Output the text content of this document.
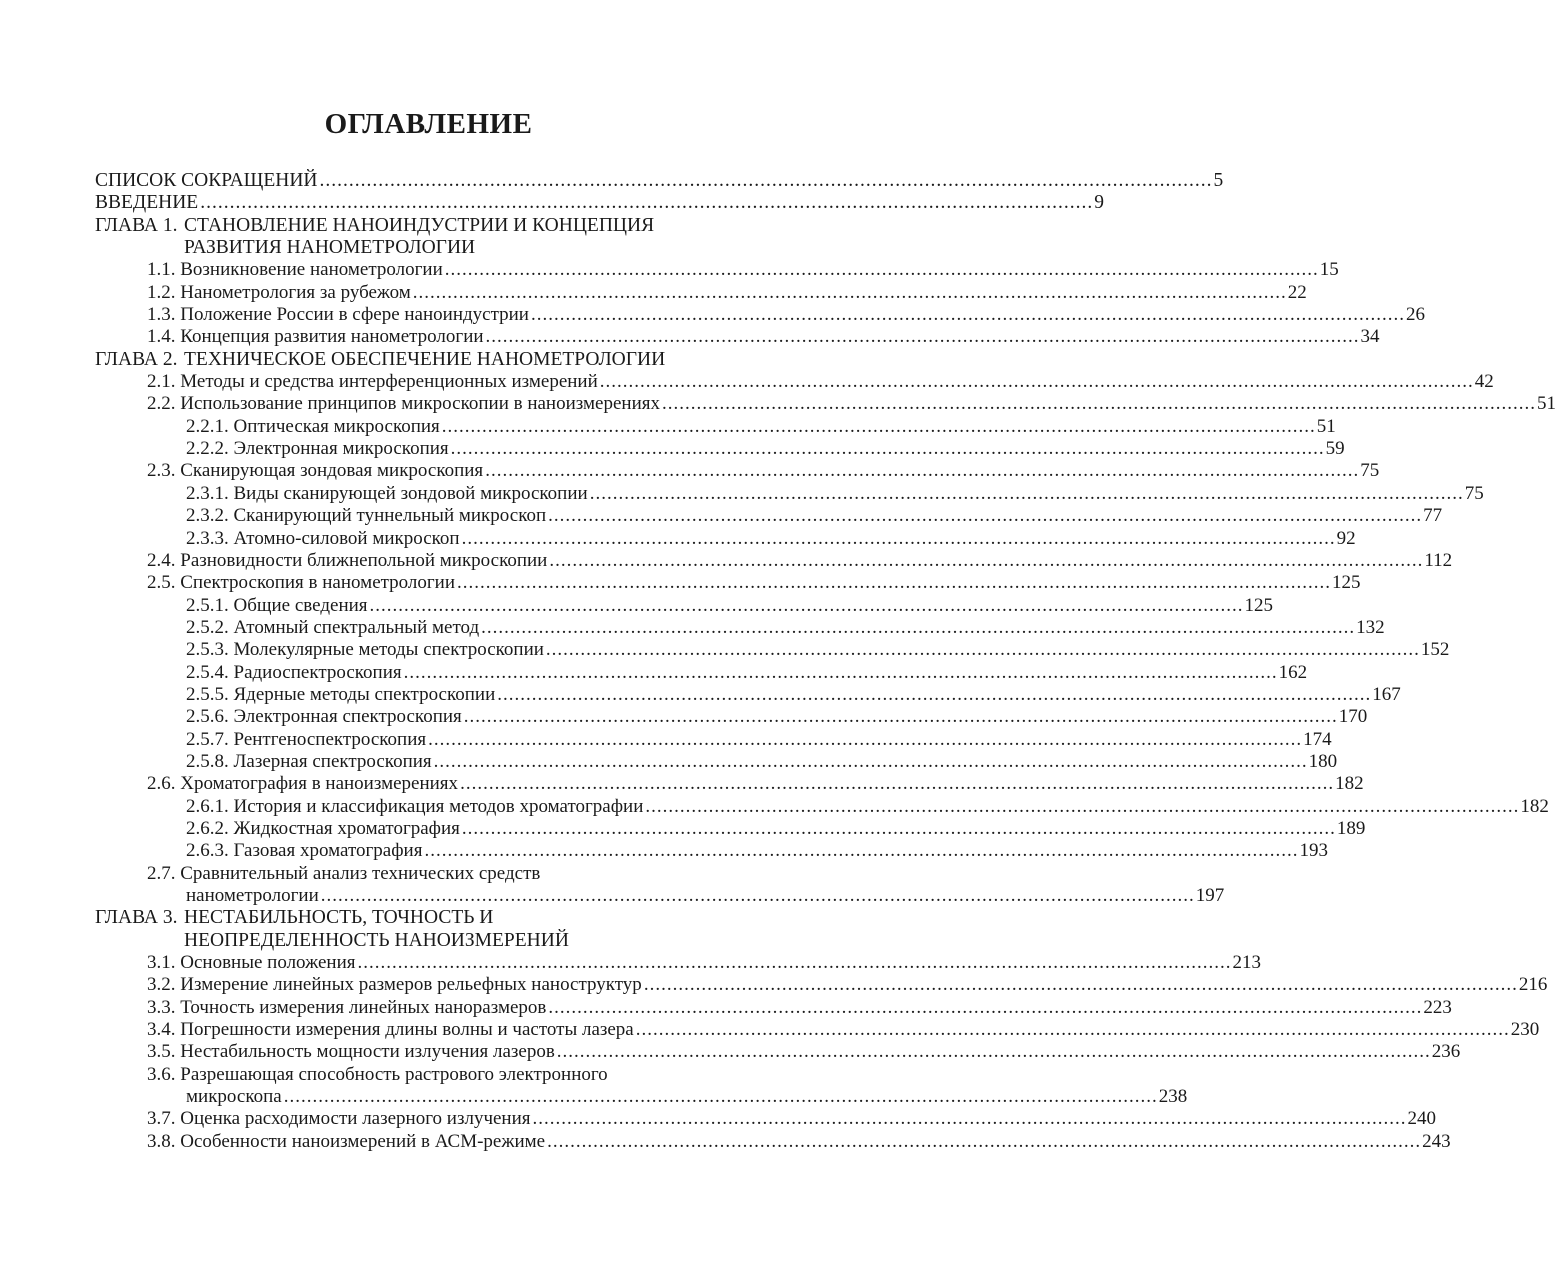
ОГЛАВЛЕНИЕ
СПИСОК СОКРАЩЕНИЙ ........................................................................................................................................................ 5
ВВЕДЕНИЕ ........................................................................................................................................................ 9
ГЛАВА 1. СТАНОВЛЕНИЕ НАНОИНДУСТРИИ И КОНЦЕПЦИЯ
РАЗВИТИЯ НАНОМЕТРОЛОГИИ
1.1. Возникновение нанометрологии ........................................................................................................................................................ 15
1.2. Нанометрология за рубежом ........................................................................................................................................................ 22
1.3. Положение России в сфере наноиндустрии ........................................................................................................................................................ 26
1.4. Концепция развития нанометрологии ........................................................................................................................................................ 34
ГЛАВА 2. ТЕХНИЧЕСКОЕ ОБЕСПЕЧЕНИЕ НАНОМЕТРОЛОГИИ
2.1. Методы и средства интерференционных измерений ........................................................................................................................................................ 42
2.2. Использование принципов микроскопии в наноизмерениях ........................................................................................................................................................ 51
2.2.1. Оптическая микроскопия ........................................................................................................................................................ 51
2.2.2. Электронная микроскопия ........................................................................................................................................................ 59
2.3. Сканирующая зондовая микроскопия ........................................................................................................................................................ 75
2.3.1. Виды сканирующей зондовой микроскопии ........................................................................................................................................................ 75
2.3.2. Сканирующий туннельный микроскоп ........................................................................................................................................................ 77
2.3.3. Атомно-силовой микроскоп ........................................................................................................................................................ 92
2.4. Разновидности ближнепольной микроскопии ........................................................................................................................................................ 112
2.5. Спектроскопия в нанометрологии ........................................................................................................................................................ 125
2.5.1. Общие сведения ........................................................................................................................................................ 125
2.5.2. Атомный спектральный метод ........................................................................................................................................................ 132
2.5.3. Молекулярные методы спектроскопии ........................................................................................................................................................ 152
2.5.4. Радиоспектроскопия ........................................................................................................................................................ 162
2.5.5. Ядерные методы спектроскопии ........................................................................................................................................................ 167
2.5.6. Электронная спектроскопия ........................................................................................................................................................ 170
2.5.7. Рентгеноспектроскопия ........................................................................................................................................................ 174
2.5.8. Лазерная спектроскопия ........................................................................................................................................................ 180
2.6. Хроматография в наноизмерениях ........................................................................................................................................................ 182
2.6.1. История и классификация методов хроматографии ........................................................................................................................................................ 182
2.6.2. Жидкостная хроматография ........................................................................................................................................................ 189
2.6.3. Газовая хроматография ........................................................................................................................................................ 193
2.7. Сравнительный анализ технических средств
нанометрологии ........................................................................................................................................................ 197
ГЛАВА 3. НЕСТАБИЛЬНОСТЬ, ТОЧНОСТЬ И
НЕОПРЕДЕЛЕННОСТЬ НАНОИЗМЕРЕНИЙ
3.1. Основные положения ........................................................................................................................................................ 213
3.2. Измерение линейных размеров рельефных наноструктур ........................................................................................................................................................ 216
3.3. Точность измерения линейных наноразмеров ........................................................................................................................................................ 223
3.4. Погрешности измерения длины волны и частоты лазера ........................................................................................................................................................ 230
3.5. Нестабильность мощности излучения лазеров ........................................................................................................................................................ 236
3.6. Разрешающая способность растрового электронного
микроскопа ........................................................................................................................................................ 238
3.7. Оценка расходимости лазерного излучения ........................................................................................................................................................ 240
3.8. Особенности наноизмерений в АСМ-режиме ........................................................................................................................................................ 243
